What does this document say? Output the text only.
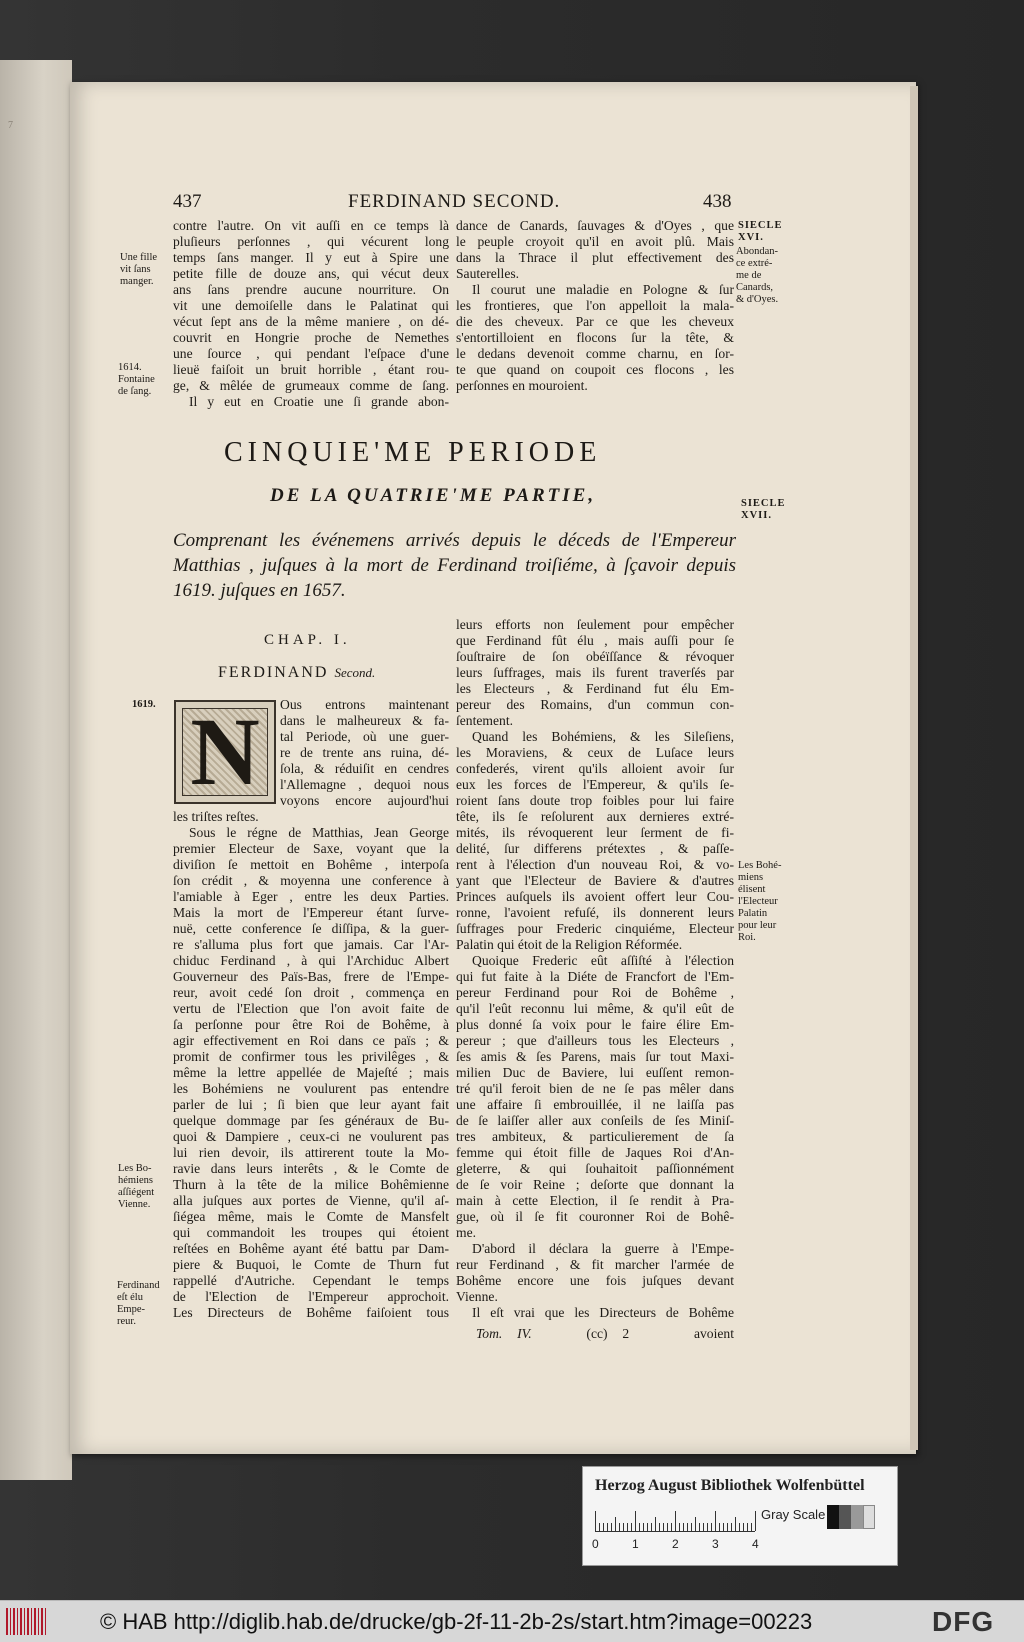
7
437	FERDINAND SECOND.	438
contre l'autre. On vit auſſi en ce temps là
pluſieurs perſonnes , qui vécurent long
temps ſans manger. Il y eut à Spire une
petite fille de douze ans, qui vécut deux
ans ſans prendre aucune nourriture. On
vit une demoiſelle dans le Palatinat qui
vécut ſept ans de la même maniere , on dé-
couvrit en Hongrie proche de Nemethes
une ſource , qui pendant l'eſpace d'une
lieuë faiſoit un bruit horrible , étant rou-
ge, & mêlée de grumeaux comme de ſang.
Il y eut en Croatie une ſi grande abon-
dance de Canards, ſauvages & d'Oyes , que
le peuple croyoit qu'il en avoit plû. Mais
dans la Thrace il plut effectivement des
Sauterelles.
Il courut une maladie en Pologne & ſur
les frontieres, que l'on appelloit la mala-
die des cheveux. Par ce que les cheveux
s'entortilloient en flocons ſur la tête, &
le dedans devenoit comme charnu, en ſor-
te que quand on coupoit ces flocons , les
perſonnes en mouroient.
Une fille
vit ſans
manger.
1614.
Fontaine
de ſang.
SIECLE
XVI.
Abondan-
ce extré-
me de
Canards,
& d'Oyes.
SIECLE
XVII.
1619.
Les Bohé-
miens
élisent
l'Electeur
Palatin
pour leur
Roi.
Les Bo-
hémiens
aſſiégent
Vienne.
Ferdinand
eſt élu
Empe-
reur.
CINQUIE'ME PERIODE
DE LA QUATRIE'ME PARTIE,
Comprenant les événemens arrivés depuis le déceds de l'Empereur
Matthias , juſques à la mort de Ferdinand troiſiéme, à ſçavoir depuis
1619. juſques en 1657.
CHAP. I.
FERDINAND Second.
N	Ous entrons maintenant
dans le malheureux & fa-
tal Periode, où une guer-
re de trente ans ruina, dé-
ſola, & réduiſit en cendres
l'Allemagne , dequoi nous
voyons encore aujourd'hui
les triſtes reſtes.
Sous le régne de Matthias, Jean George
premier Electeur de Saxe, voyant que la
diviſion ſe mettoit en Bohême , interpoſa
ſon crédit , & moyenna une conference à
l'amiable à Eger , entre les deux Parties.
Mais la mort de l'Empereur étant ſurve-
nuë, cette conference ſe diſſipa, & la guer-
re s'alluma plus fort que jamais. Car l'Ar-
chiduc Ferdinand , à qui l'Archiduc Albert
Gouverneur des Païs-Bas, frere de l'Empe-
reur, avoit cedé ſon droit , commença en
vertu de l'Election que l'on avoit faite de
ſa perſonne pour être Roi de Bohême, à
agir effectivement en Roi dans ce païs ; &
promit de confirmer tous les privilêges , &
même la lettre appellée de Majeſté ; mais
les Bohémiens ne voulurent pas entendre
parler de lui ; ſi bien que leur ayant fait
quelque dommage par ſes généraux de Bu-
quoi & Dampiere , ceux-ci ne voulurent pas
lui rien devoir, ils attirerent toute la Mo-
ravie dans leurs interêts , & le Comte de
Thurn à la tête de la milice Bohêmienne
alla juſques aux portes de Vienne, qu'il aſ-
ſiégea même, mais le Comte de Mansfelt
qui commandoit les troupes qui étoient
reſtées en Bohême ayant été battu par Dam-
piere & Buquoi, le Comte de Thurn fut
rappellé d'Autriche. Cependant le temps
de l'Election de l'Empereur approchoit.
Les Directeurs de Bohême faiſoient tous
leurs efforts non ſeulement pour empêcher
que Ferdinand fût élu , mais auſſi pour ſe
ſouſtraire de ſon obéïſſance & révoquer
leurs ſuffrages, mais ils furent traverſés par
les Electeurs , & Ferdinand fut élu Em-
pereur des Romains, d'un commun con-
ſentement.
Quand les Bohémiens, & les Sileſiens,
les Moraviens, & ceux de Luſace leurs
confederés, virent qu'ils alloient avoir ſur
eux les forces de l'Empereur, & qu'ils ſe-
roient ſans doute trop foibles pour lui faire
tête, ils ſe reſolurent aux dernieres extré-
mités, ils révoquerent leur ſerment de fi-
delité, ſur differens prétextes , & paſſe-
rent à l'élection d'un nouveau Roi, & vo-
yant que l'Electeur de Baviere & d'autres
Princes auſquels ils avoient offert leur Cou-
ronne, l'avoient refuſé, ils donnerent leurs
ſuffrages pour Frederic cinquiéme, Electeur
Palatin qui étoit de la Religion Réformée.
Quoique Frederic eût aſſiſté à l'élection
qui fut faite à la Diéte de Francfort de l'Em-
pereur Ferdinand pour Roi de Bohême ,
qu'il l'eût reconnu lui même, & qu'il eût de
plus donné ſa voix pour le faire élire Em-
pereur ; que d'ailleurs tous les Electeurs ,
ſes amis & ſes Parens, mais ſur tout Maxi-
milien Duc de Baviere, lui euſſent remon-
tré qu'il feroit bien de ne ſe pas mêler dans
une affaire ſi embrouillée, il ne laiſſa pas
de ſe laiſſer aller aux conſeils de ſes Miniſ-
tres ambiteux, & particulierement de ſa
femme qui étoit fille de Jaques Roi d'An-
gleterre, & qui ſouhaitoit paſſionnément
de ſe voir Reine ; deſorte que donnant la
main à cette Election, il ſe rendit à Pra-
gue, où il ſe fit couronner Roi de Bohê-
me.
D'abord il déclara la guerre à l'Empe-
reur Ferdinand , & fit marcher l'armée de
Bohême encore une fois juſques devant
Vienne.
Il eſt vrai que les Directeurs de Bohême
Tom. IV.	(cc) 2	avoient
Herzog August Bibliothek Wolfenbüttel
0	1	2	3	4
Gray Scale
© HAB http://diglib.hab.de/drucke/gb-2f-11-2b-2s/start.htm?image=00223	DFG
